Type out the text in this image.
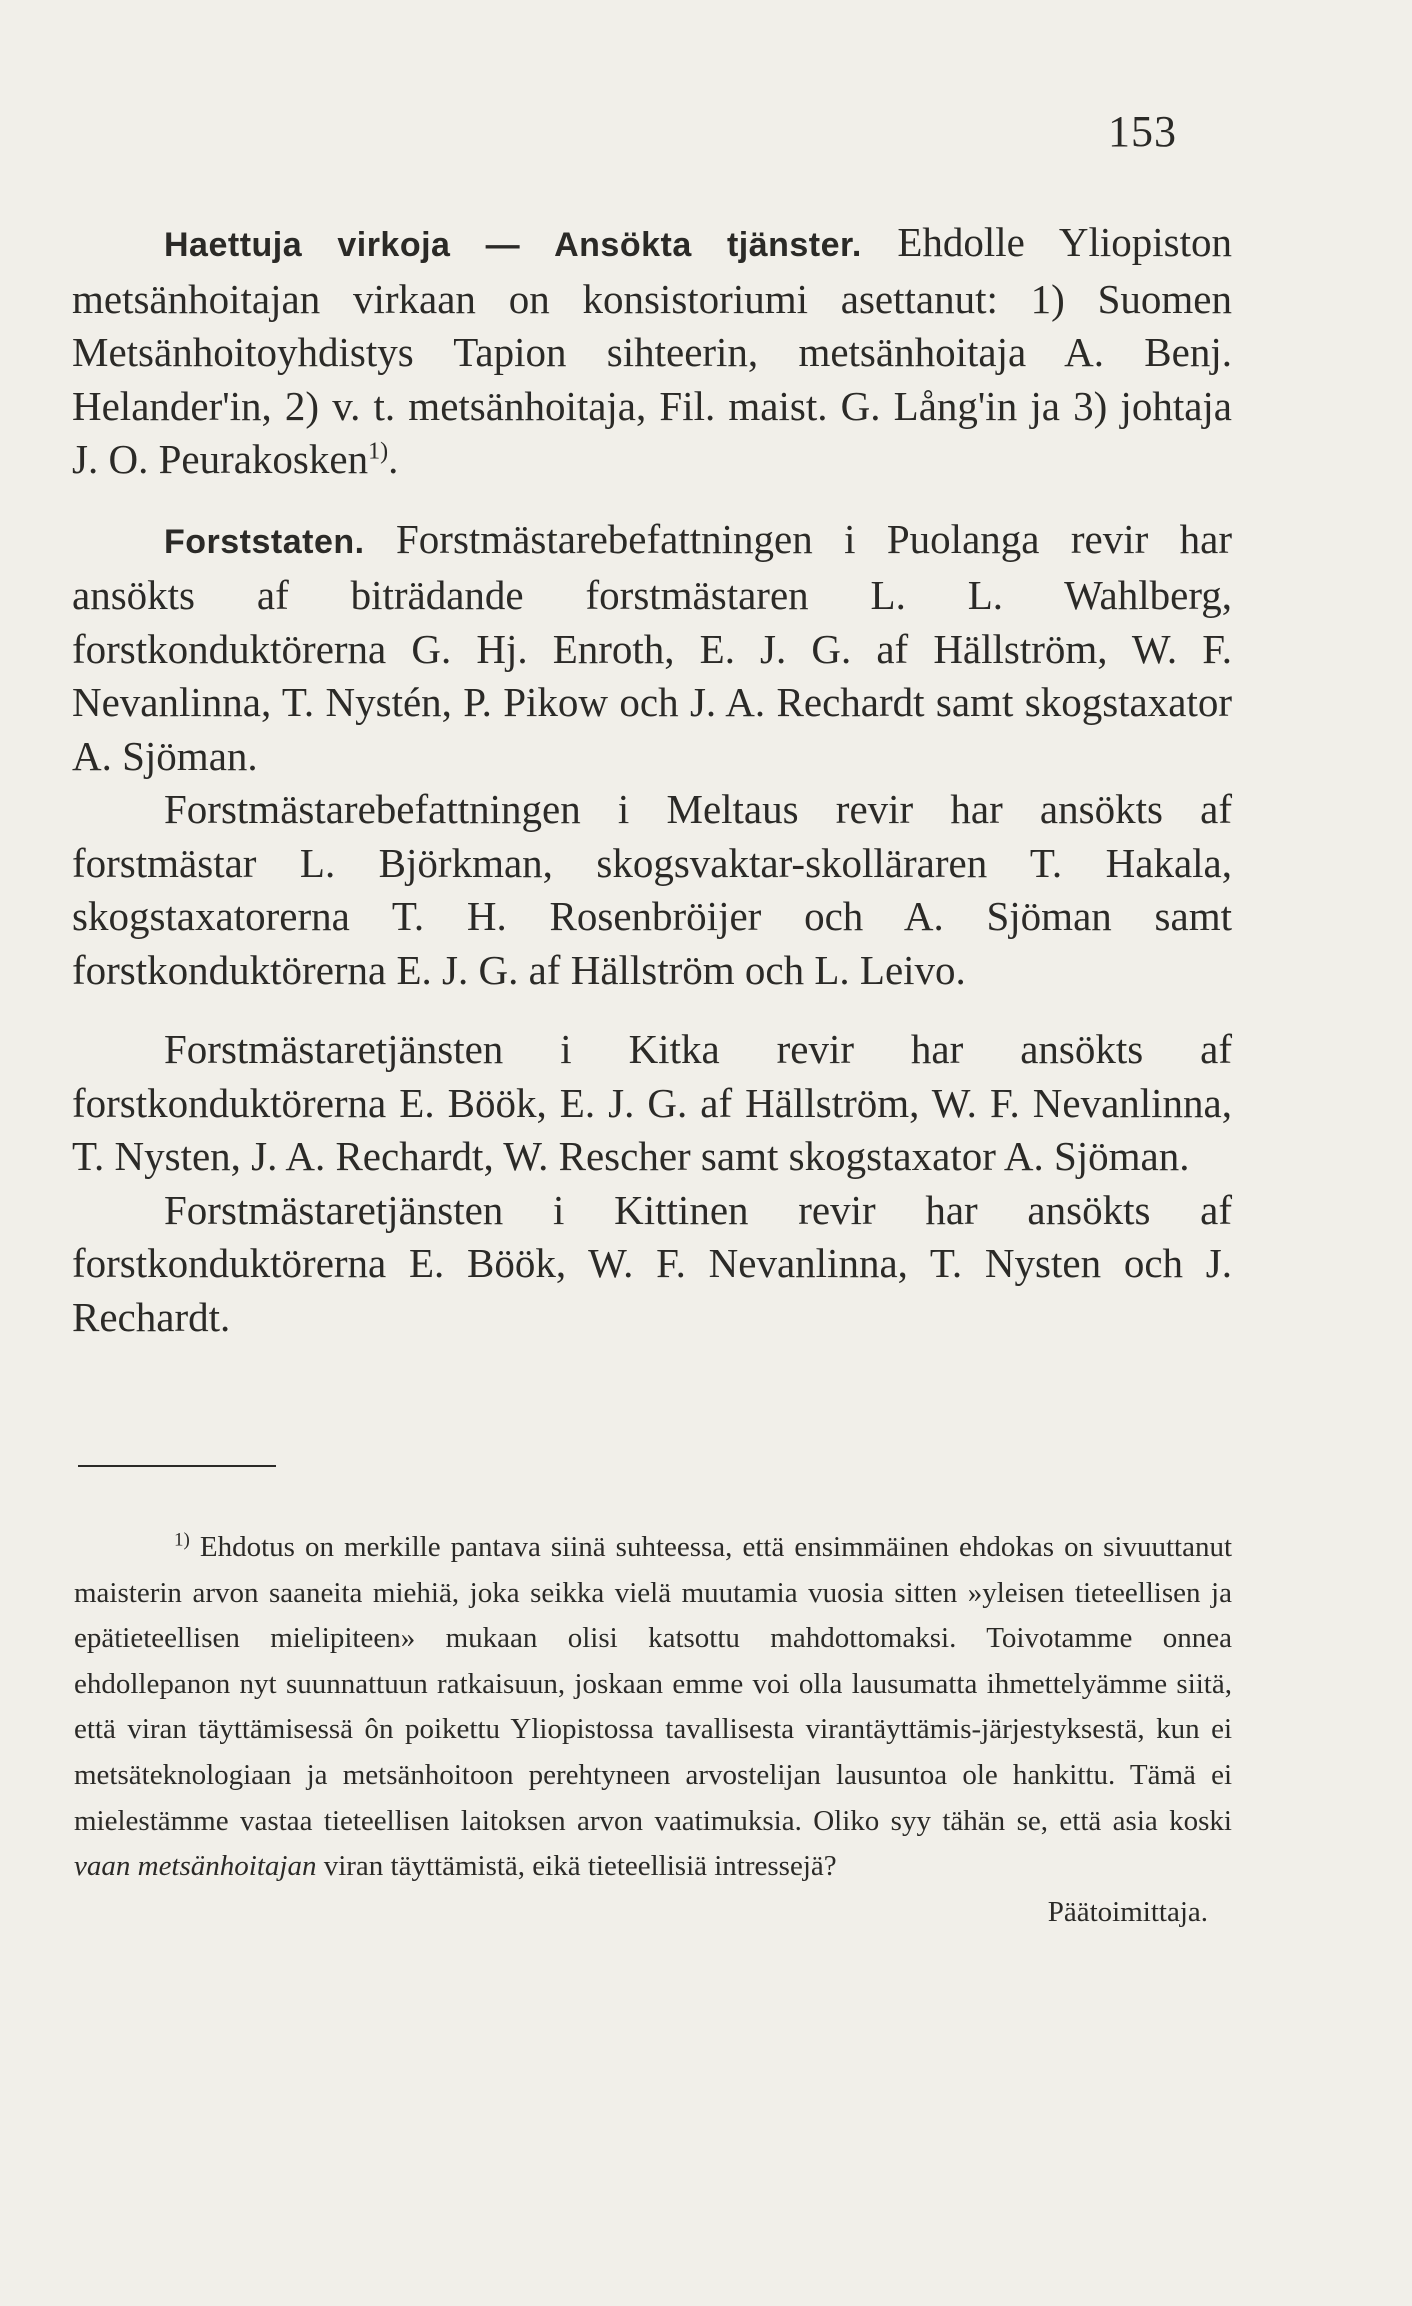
153

Haettuja virkoja — Ansökta tjänster. Ehdolle Yliopiston metsänhoitajan virkaan on konsistoriumi asettanut: 1) Suomen Metsänhoitoyhdistys Tapion sihteerin, metsänhoitaja A. Benj. Helander'in, 2) v. t. metsänhoitaja, Fil. maist. G. Lång'in ja 3) johtaja J. O. Peurakosken$^{1)}$.

Forststaten. Forstmästarebefattningen i Puolanga revir har ansökts af biträdande forstmästaren L. L. Wahlberg, forstkonduktörerna G. Hj. Enroth, E. J. G. af Hällström, W. F. Nevanlinna, T. Nystén, P. Pikow och J. A. Rechardt samt skogstaxator A. Sjöman.

Forstmästarebefattningen i Meltaus revir har ansökts af forstmästar L. Björkman, skogsvaktar-skolläraren T. Hakala, skogstaxatorerna T. H. Rosenbröijer och A. Sjöman samt forstkonduktörerna E. J. G. af Hällström och L. Leivo.

Forstmästaretjänsten i Kitka revir har ansökts af forstkonduktörerna E. Böök, E. J. G. af Hällström, W. F. Nevanlinna, T. Nysten, J. A. Rechardt, W. Rescher samt skogstaxator A. Sjöman.

Forstmästaretjänsten i Kittinen revir har ansökts af forstkonduktörerna E. Böök, W. F. Nevanlinna, T. Nysten och J. Rechardt.

$^{1)}$ Ehdotus on merkille pantava siinä suhteessa, että ensimmäinen ehdokas on sivuuttanut maisterin arvon saaneita miehiä, joka seikka vielä muutamia vuosia sitten »yleisen tieteellisen ja epätieteellisen mielipiteen» mukaan olisi katsottu mahdottomaksi. Toivotamme onnea ehdollepanon nyt suunnattuun ratkaisuun, joskaan emme voi olla lausumatta ihmettelyämme siitä, että viran täyttämisessä ôn poikettu Yliopistossa tavallisesta virantäyttämis-järjestyksestä, kun ei metsäteknologiaan ja metsänhoitoon perehtyneen arvostelijan lausuntoa ole hankittu. Tämä ei mielestämme vastaa tieteellisen laitoksen arvon vaatimuksia. Oliko syy tähän se, että asia koski vaan metsänhoitajan viran täyttämistä, eikä tieteellisiä intressejä?

Päätoimittaja.
